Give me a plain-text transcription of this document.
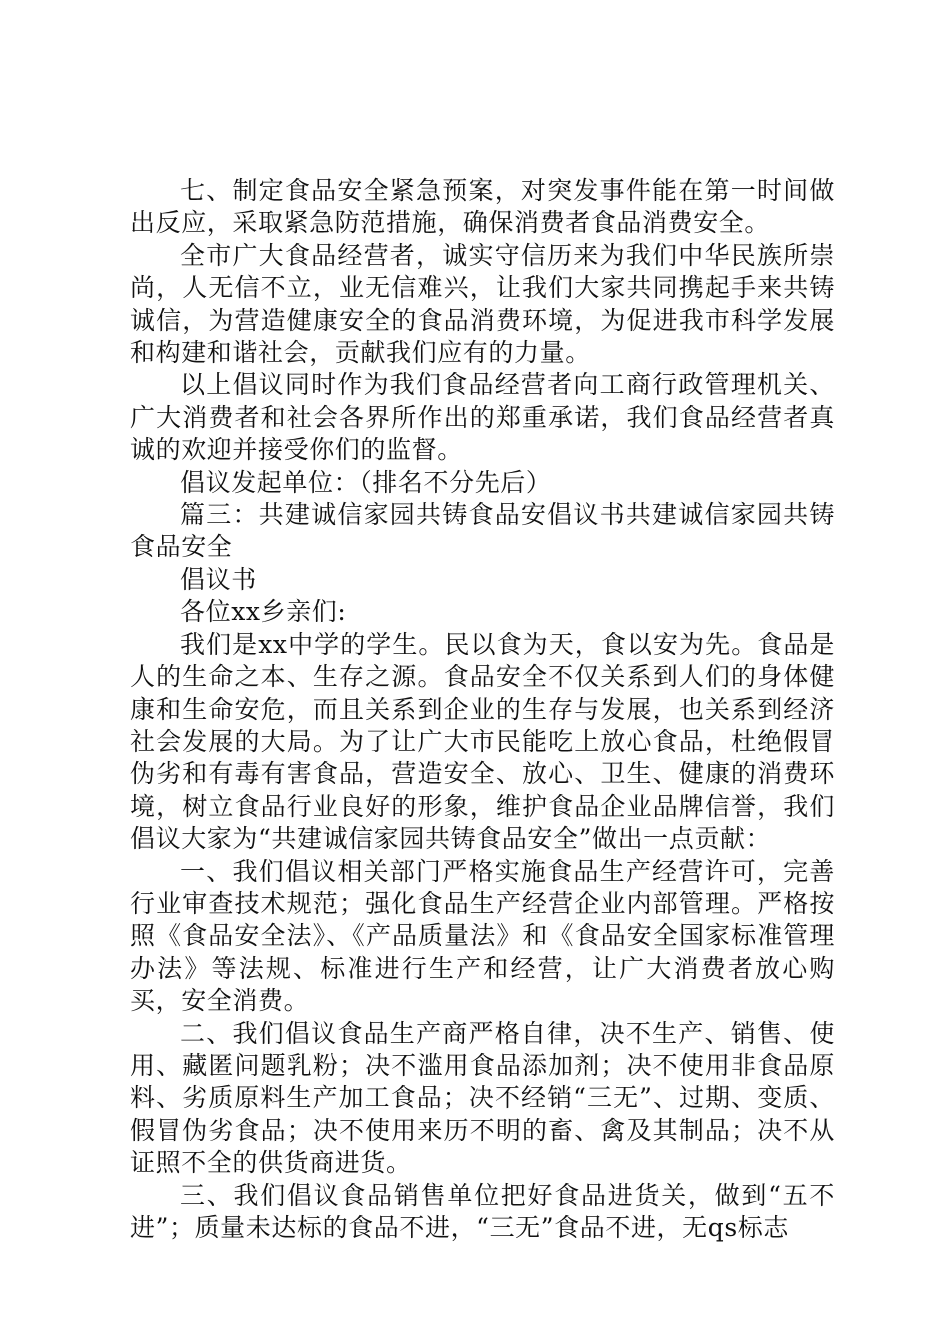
七、制定食品安全紧急预案，对突发事件能在第一时间做出反应，采取紧急防范措施，确保消费者食品消费安全。

全市广大食品经营者，诚实守信历来为我们中华民族所崇尚，人无信不立，业无信难兴，让我们大家共同携起手来共铸诚信，为营造健康安全的食品消费环境，为促进我市科学发展和构建和谐社会，贡献我们应有的力量。

以上倡议同时作为我们食品经营者向工商行政管理机关、广大消费者和社会各界所作出的郑重承诺，我们食品经营者真诚的欢迎并接受你们的监督。

倡议发起单位：（排名不分先后）

篇三：共建诚信家园共铸食品安倡议书共建诚信家园共铸食品安全

倡议书

各位xx乡亲们:

我们是xx中学的学生。民以食为天，食以安为先。食品是人的生命之本、生存之源。食品安全不仅关系到人们的身体健康和生命安危，而且关系到企业的生存与发展，也关系到经济社会发展的大局。为了让广大市民能吃上放心食品，杜绝假冒伪劣和有毒有害食品，营造安全、放心、卫生、健康的消费环境，树立食品行业良好的形象，维护食品企业品牌信誉，我们倡议大家为“共建诚信家园共铸食品安全”做出一点贡献：

一、我们倡议相关部门严格实施食品生产经营许可，完善行业审查技术规范；强化食品生产经营企业内部管理。严格按照《食品安全法》、《产品质量法》和《食品安全国家标准管理办法》等法规、标准进行生产和经营，让广大消费者放心购买，安全消费。

二、我们倡议食品生产商严格自律，决不生产、销售、使用、藏匿问题乳粉；决不滥用食品添加剂；决不使用非食品原料、劣质原料生产加工食品；决不经销“三无”、过期、变质、假冒伪劣食品；决不使用来历不明的畜、禽及其制品；决不从证照不全的供货商进货。

三、我们倡议食品销售单位把好食品进货关，做到“五不进”；质量未达标的食品不进，“三无”食品不进，无qs标志
